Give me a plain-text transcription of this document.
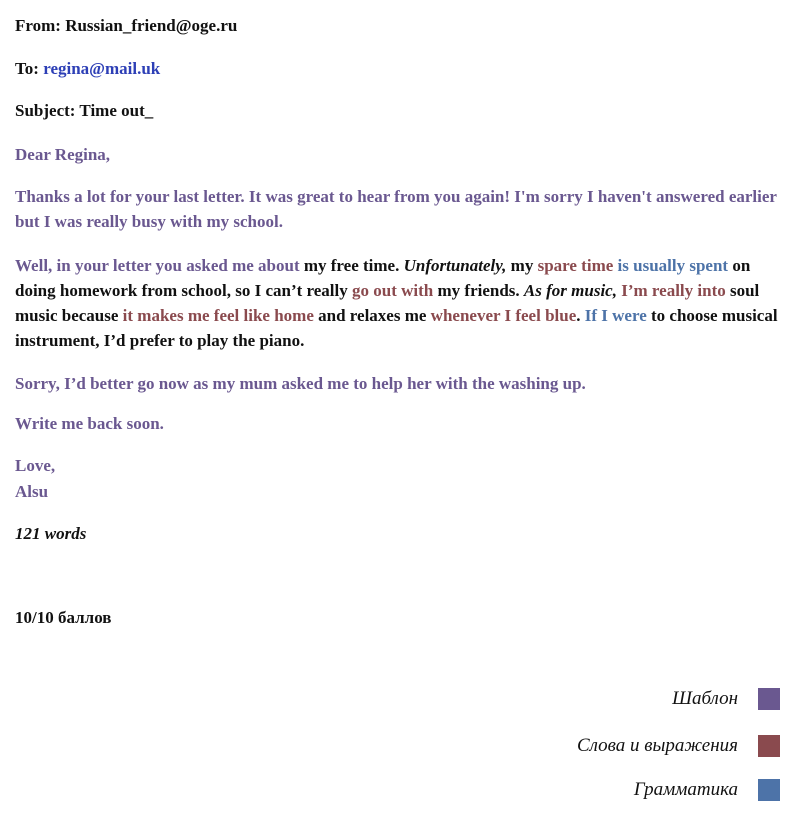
From: Russian_friend@oge.ru
To: regina@mail.uk
Subject: Time out_
Dear Regina,
Thanks a lot for your last letter. It was great to hear from you again! I'm sorry I haven't answered earlier but I was really busy with my school.
Well, in your letter you asked me about my free time. Unfortunately, my spare time is usually spent on doing homework from school, so I can’t really go out with my friends. As for music, I’m really into soul music because it makes me feel like home and relaxes me whenever I feel blue. If I were to choose musical instrument, I’d prefer to play the piano.
Sorry, I’d better go now as my mum asked me to help her with the washing up.
Write me back soon.
Love,
Alsu
121 words
10/10 баллов
Шаблон
Слова и выражения
Грамматика
